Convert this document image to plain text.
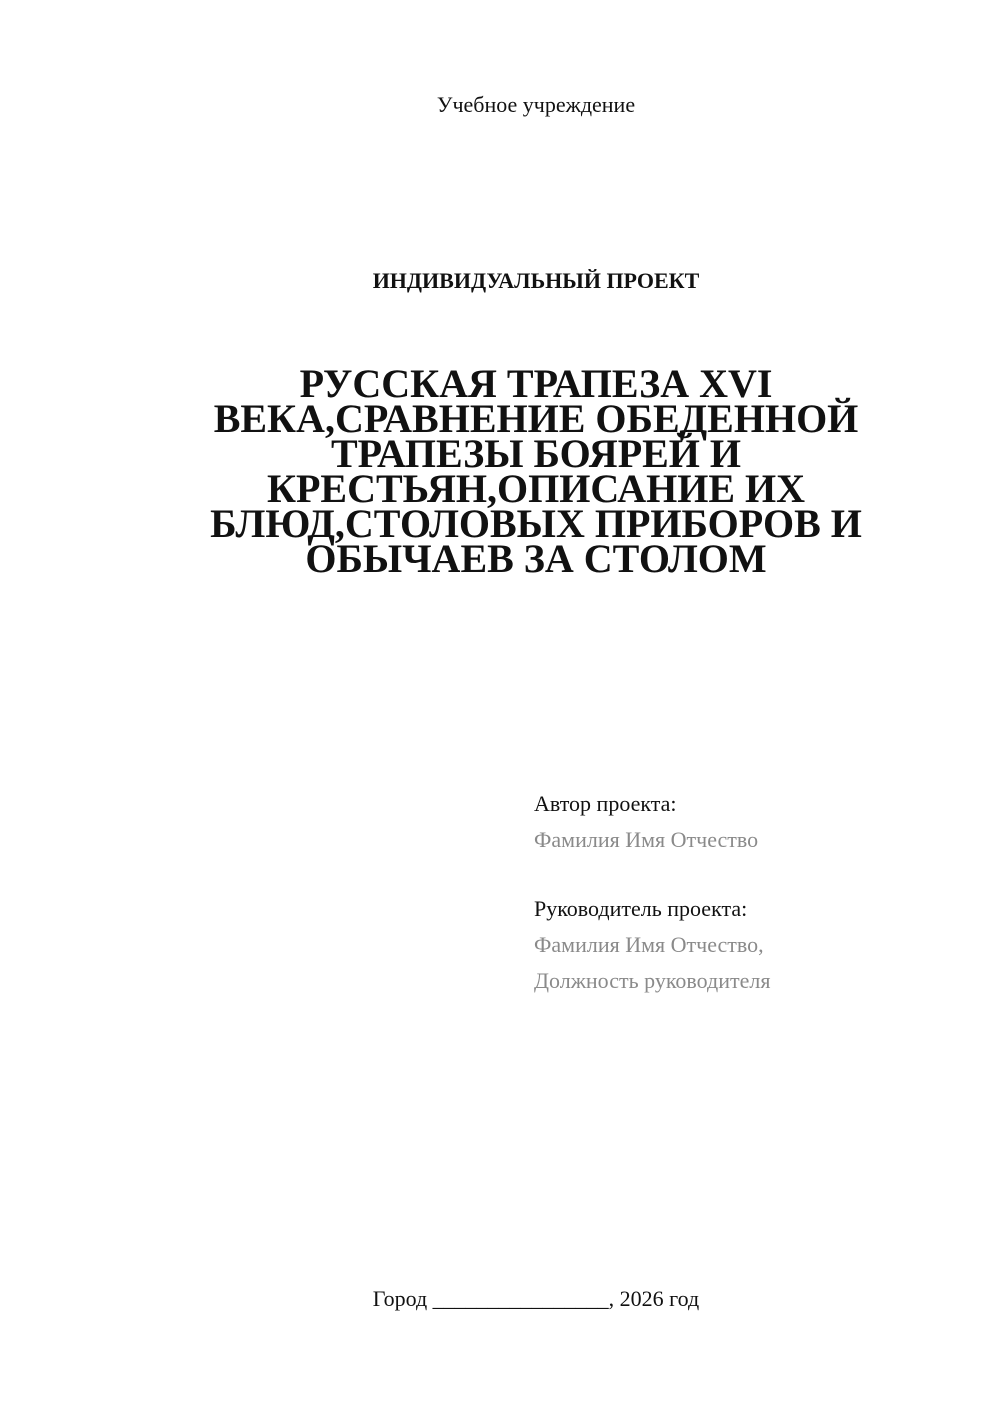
Учебное учреждение
ИНДИВИДУАЛЬНЫЙ ПРОЕКТ
РУССКАЯ ТРАПЕЗА XVI
ВЕКА,СРАВНЕНИЕ ОБЕДЕННОЙ
ТРАПЕЗЫ БОЯРЕЙ И
КРЕСТЬЯН,ОПИСАНИЕ ИХ
БЛЮД,СТОЛОВЫХ ПРИБОРОВ И
ОБЫЧАЕВ ЗА СТОЛОМ
Автор проекта:
Фамилия Имя Отчество
Руководитель проекта:
Фамилия Имя Отчество,
Должность руководителя
Город ________________, 2026 год
